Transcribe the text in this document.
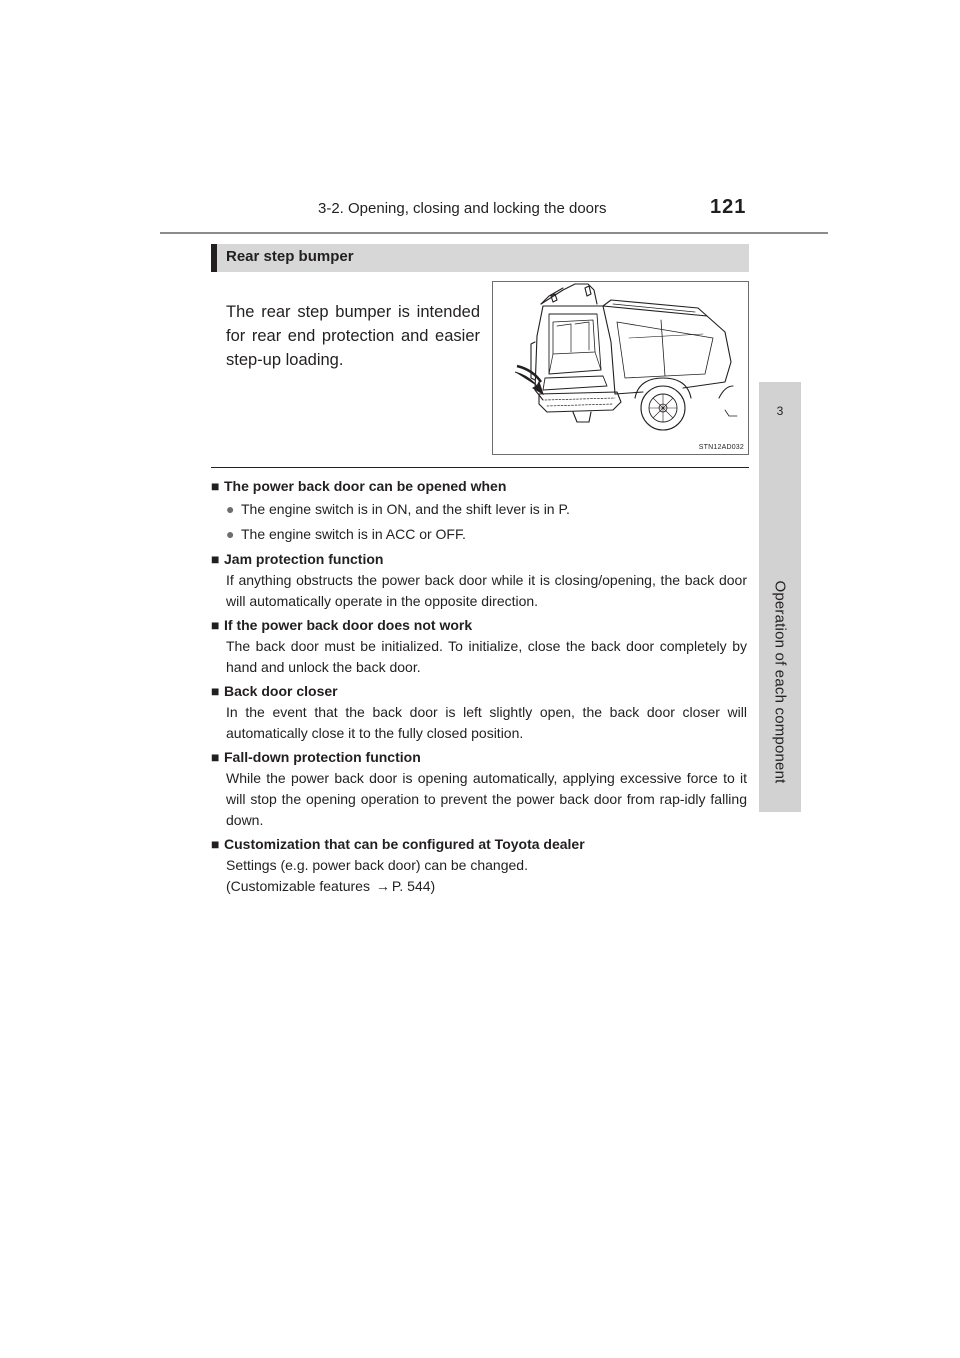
3-2. Opening, closing and locking the doors	121
3
Operation of each component
Rear step bumper
The rear step bumper is intended for rear end protection and easier step-up loading.
STN12AD032
■ The power back door can be opened when
● The engine switch is in ON, and the shift lever is in P.
● The engine switch is in ACC or OFF.
■ Jam protection function
If anything obstructs the power back door while it is closing/opening, the back door will automatically operate in the opposite direction.
■ If the power back door does not work
The back door must be initialized. To initialize, close the back door completely by hand and unlock the back door.
■ Back door closer
In the event that the back door is left slightly open, the back door closer will automatically close it to the fully closed position.
■ Fall-down protection function
While the power back door is opening automatically, applying excessive force to it will stop the opening operation to prevent the power back door from rap-idly falling down.
■ Customization that can be configured at Toyota dealer
Settings (e.g. power back door) can be changed.
(Customizable features → P. 544)
